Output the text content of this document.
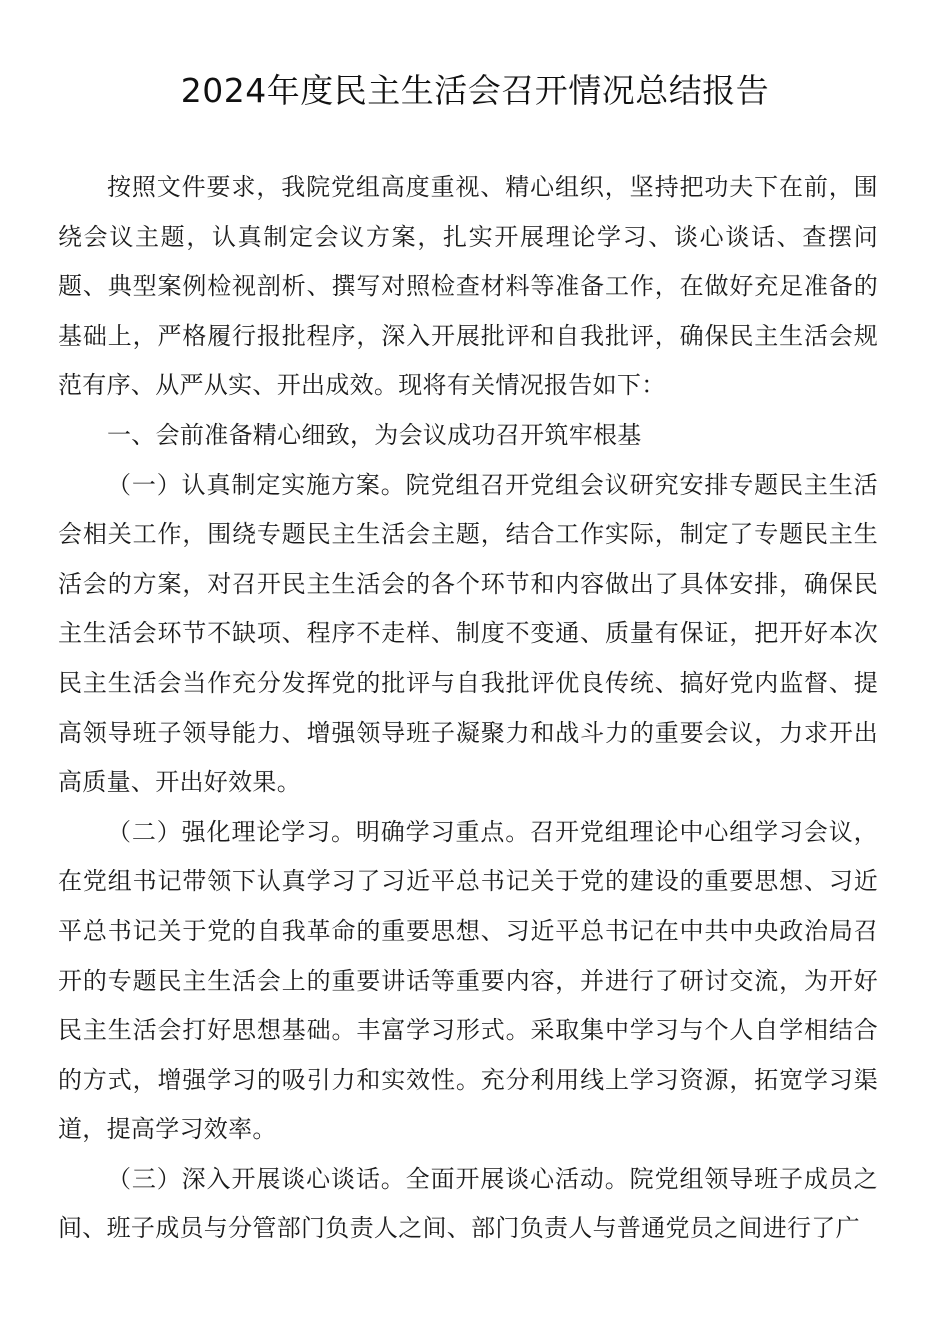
2024年度民主生活会召开情况总结报告

按照文件要求，我院党组高度重视、精心组织，坚持把功夫下在前，围绕会议主题，认真制定会议方案，扎实开展理论学习、谈心谈话、查摆问题、典型案例检视剖析、撰写对照检查材料等准备工作，在做好充足准备的基础上，严格履行报批程序，深入开展批评和自我批评，确保民主生活会规范有序、从严从实、开出成效。现将有关情况报告如下：

一、会前准备精心细致，为会议成功召开筑牢根基

（一）认真制定实施方案。院党组召开党组会议研究安排专题民主生活会相关工作，围绕专题民主生活会主题，结合工作实际，制定了专题民主生活会的方案，对召开民主生活会的各个环节和内容做出了具体安排，确保民主生活会环节不缺项、程序不走样、制度不变通、质量有保证，把开好本次民主生活会当作充分发挥党的批评与自我批评优良传统、搞好党内监督、提高领导班子领导能力、增强领导班子凝聚力和战斗力的重要会议，力求开出高质量、开出好效果。

（二）强化理论学习。明确学习重点。召开党组理论中心组学习会议，在党组书记带领下认真学习了习近平总书记关于党的建设的重要思想、习近平总书记关于党的自我革命的重要思想、习近平总书记在中共中央政治局召开的专题民主生活会上的重要讲话等重要内容，并进行了研讨交流，为开好民主生活会打好思想基础。丰富学习形式。采取集中学习与个人自学相结合的方式，增强学习的吸引力和实效性。充分利用线上学习资源，拓宽学习渠道，提高学习效率。

（三）深入开展谈心谈话。全面开展谈心活动。院党组领导班子成员之间、班子成员与分管部门负责人之间、部门负责人与普通党员之间进行了广
